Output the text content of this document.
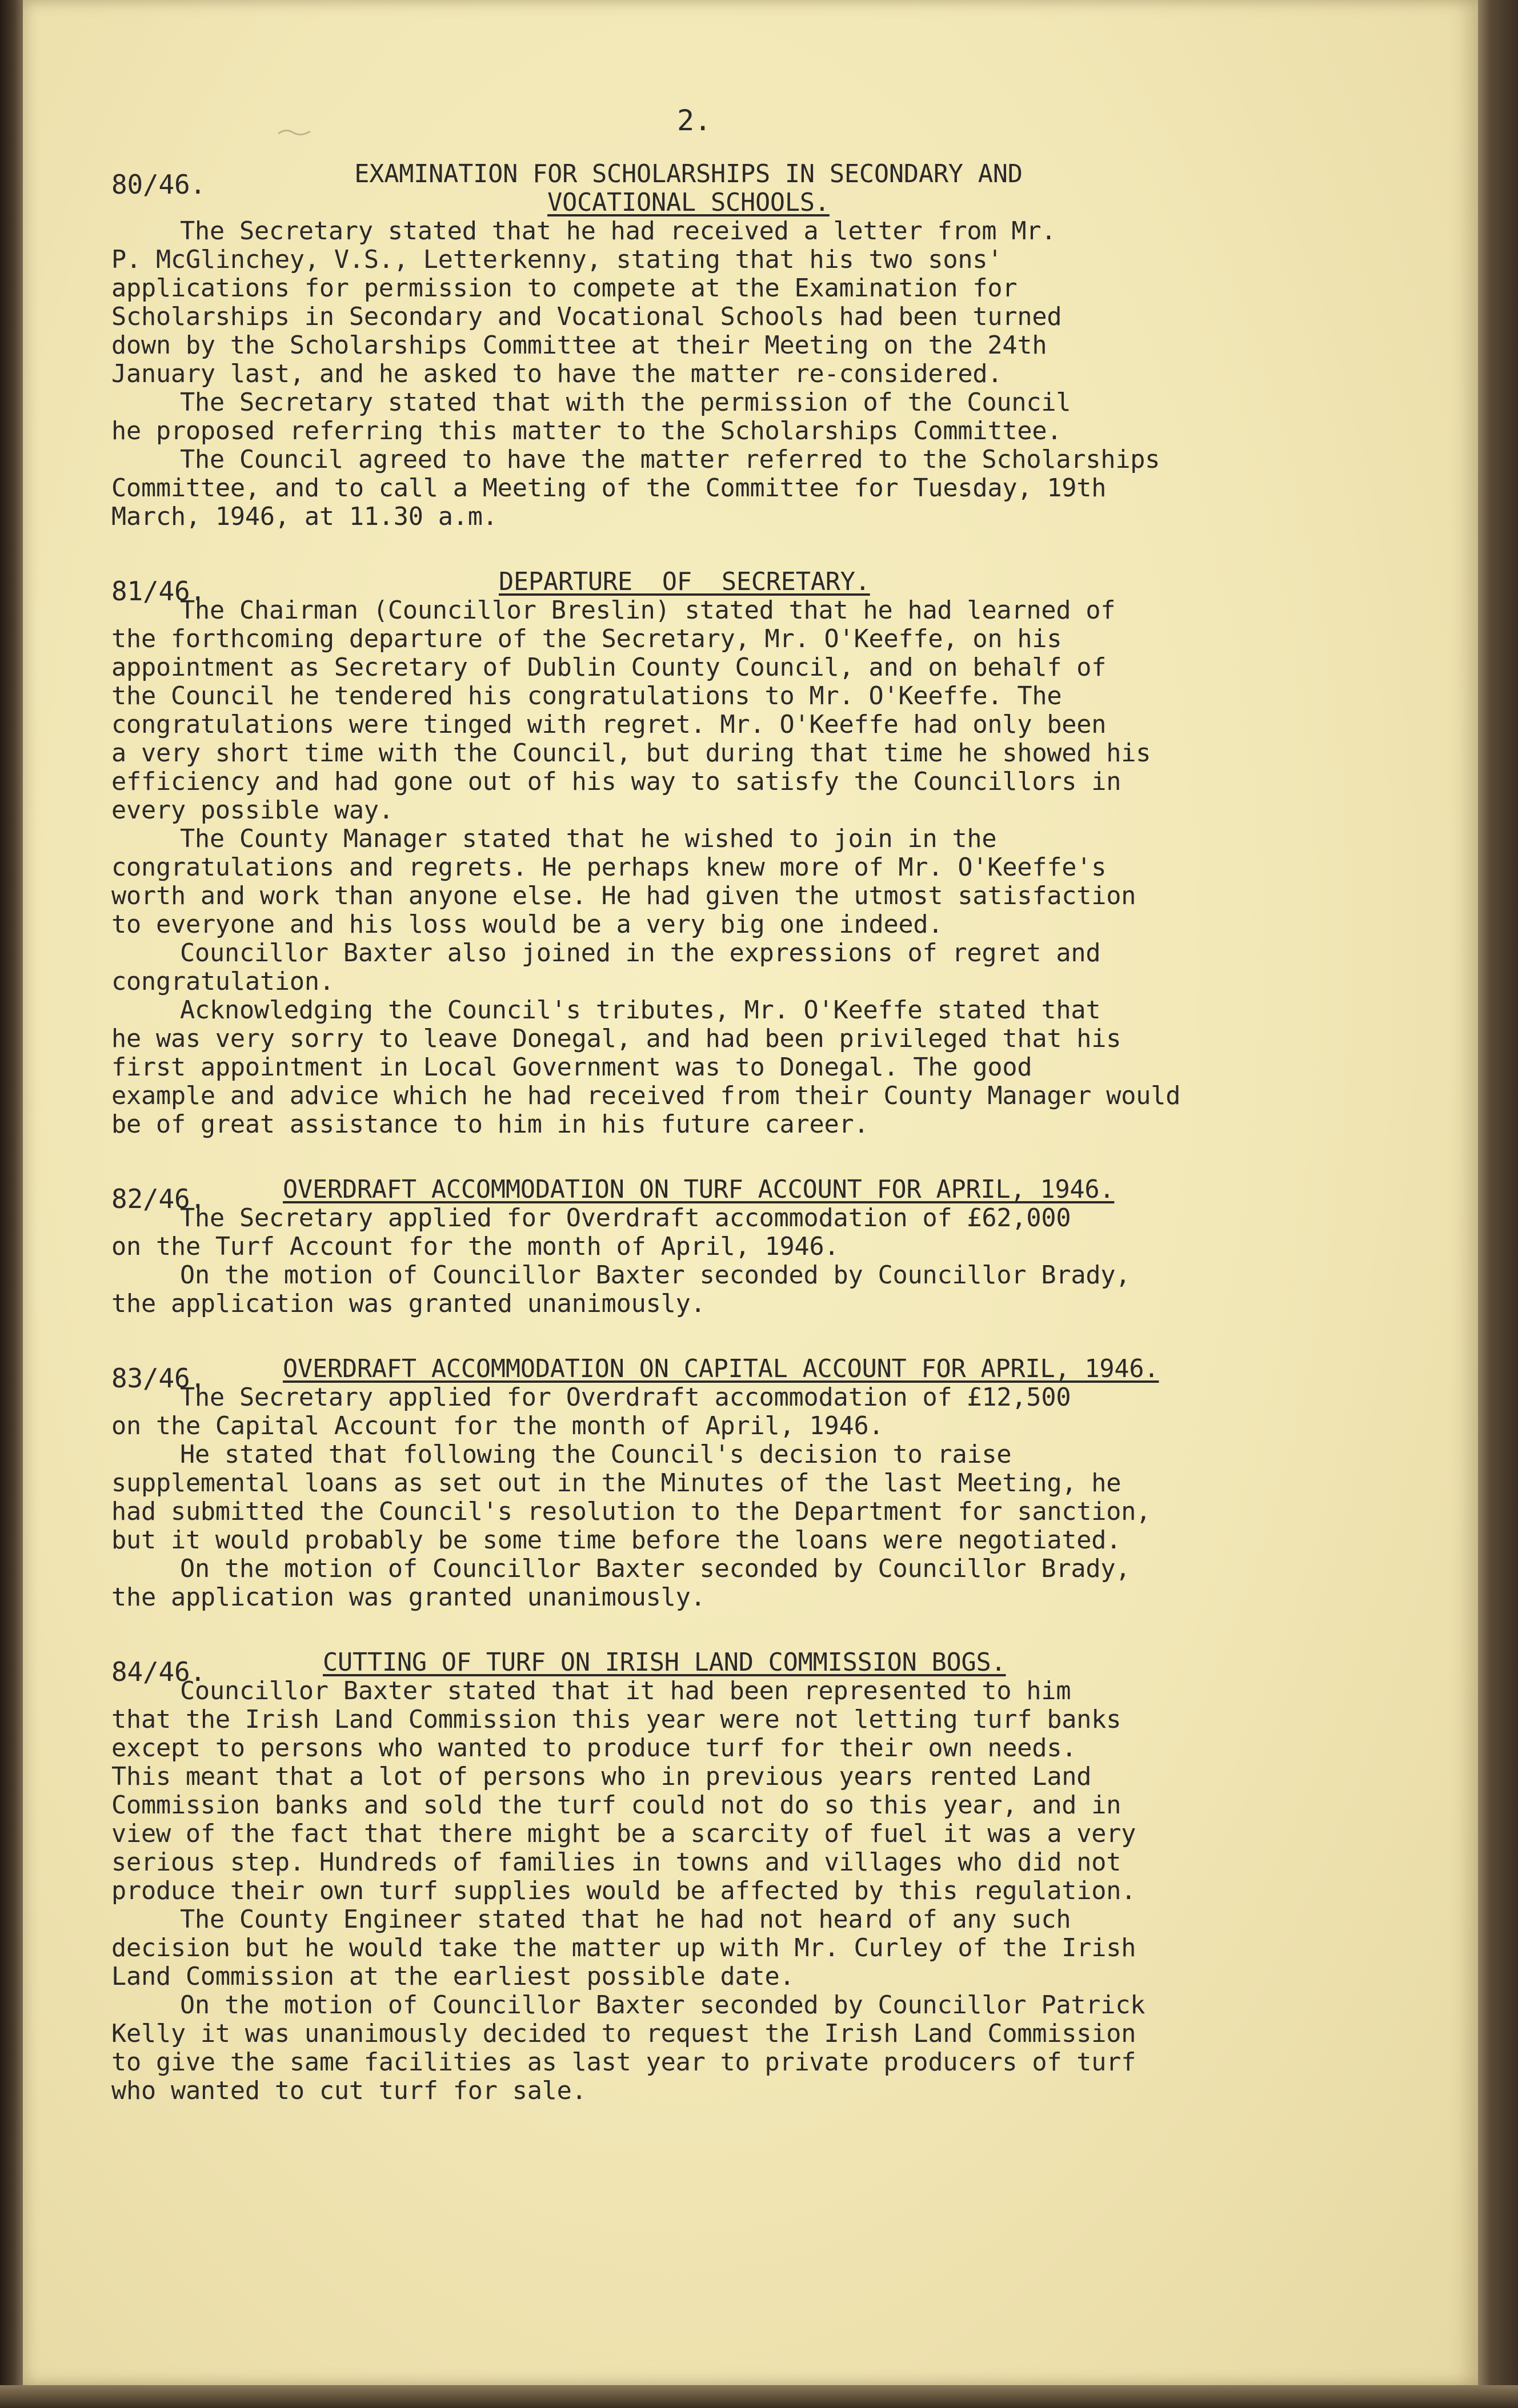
2.
80/46.	EXAMINATION FOR SCHOLARSHIPS IN SECONDARY AND
VOCATIONAL SCHOOLS.

The Secretary stated that he had received a letter from Mr.
P. McGlinchey, V.S., Letterkenny, stating that his two sons'
applications for permission to compete at the Examination for
Scholarships in Secondary and Vocational Schools had been turned
down by the Scholarships Committee at their Meeting on the 24th
January last, and he asked to have the matter re-considered.

The Secretary stated that with the permission of the Council
he proposed referring this matter to the Scholarships Committee.

The Council agreed to have the matter referred to the Scholarships
Committee, and to call a Meeting of the Committee for Tuesday, 19th
March, 1946, at 11.30 a.m.

81/46.	DEPARTURE  OF  SECRETARY.

The Chairman (Councillor Breslin) stated that he had learned of
the forthcoming departure of the Secretary, Mr. O'Keeffe, on his
appointment as Secretary of Dublin County Council, and on behalf of
the Council he tendered his congratulations to Mr. O'Keeffe. The
congratulations were tinged with regret. Mr. O'Keeffe had only been
a very short time with the Council, but during that time he showed his
efficiency and had gone out of his way to satisfy the Councillors in
every possible way.

The County Manager stated that he wished to join in the
congratulations and regrets. He perhaps knew more of Mr. O'Keeffe's
worth and work than anyone else. He had given the utmost satisfaction
to everyone and his loss would be a very big one indeed.

Councillor Baxter also joined in the expressions of regret and
congratulation.

Acknowledging the Council's tributes, Mr. O'Keeffe stated that
he was very sorry to leave Donegal, and had been privileged that his
first appointment in Local Government was to Donegal. The good
example and advice which he had received from their County Manager would
be of great assistance to him in his future career.

82/46.	OVERDRAFT ACCOMMODATION ON TURF ACCOUNT FOR APRIL, 1946.

The Secretary applied for Overdraft accommodation of £62,000
on the Turf Account for the month of April, 1946.

On the motion of Councillor Baxter seconded by Councillor Brady,
the application was granted unanimously.

83/46.	OVERDRAFT ACCOMMODATION ON CAPITAL ACCOUNT FOR APRIL, 1946.

The Secretary applied for Overdraft accommodation of £12,500
on the Capital Account for the month of April, 1946.

He stated that following the Council's decision to raise
supplemental loans as set out in the Minutes of the last Meeting, he
had submitted the Council's resolution to the Department for sanction,
but it would probably be some time before the loans were negotiated.

On the motion of Councillor Baxter seconded by Councillor Brady,
the application was granted unanimously.

84/46.	CUTTING OF TURF ON IRISH LAND COMMISSION BOGS.

Councillor Baxter stated that it had been represented to him
that the Irish Land Commission this year were not letting turf banks
except to persons who wanted to produce turf for their own needs.
This meant that a lot of persons who in previous years rented Land
Commission banks and sold the turf could not do so this year, and in
view of the fact that there might be a scarcity of fuel it was a very
serious step. Hundreds of families in towns and villages who did not
produce their own turf supplies would be affected by this regulation.

The County Engineer stated that he had not heard of any such
decision but he would take the matter up with Mr. Curley of the Irish
Land Commission at the earliest possible date.

On the motion of Councillor Baxter seconded by Councillor Patrick
Kelly it was unanimously decided to request the Irish Land Commission
to give the same facilities as last year to private producers of turf
who wanted to cut turf for sale.
